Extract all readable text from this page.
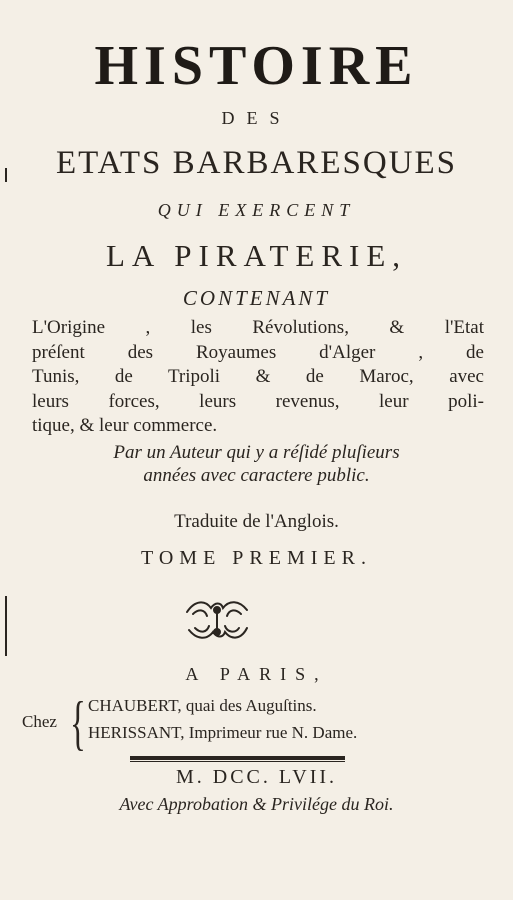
HISTOIRE
DES
ETATS BARBARESQUES
QUI EXERCENT
LA PIRATERIE,
CONTENANT
L'Origine , les Révolutions, & l'Etat
préſent des Royaumes d'Alger , de
Tunis, de Tripoli & de Maroc, avec
leurs forces, leurs revenus, leur poli-
tique, & leur commerce.
Par un Auteur qui y a réſidé pluſieurs
années avec caractere public.
Traduite de l'Anglois.
TOME PREMIER.
A PARIS,
Chez { CHAUBERT, quai des Auguſtins.
HERISSANT, Imprimeur rue N. Dame.
M. DCC. LVII.
Avec Approbation & Privilége du Roi.
